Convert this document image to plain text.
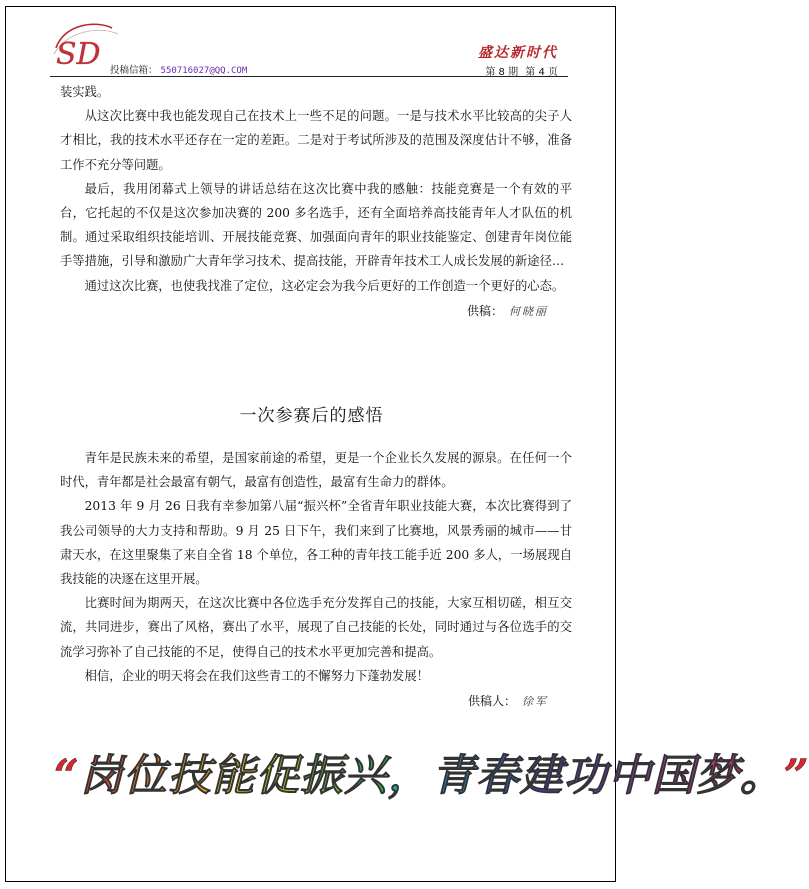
SD 投稿信箱： 550716027@QQ.COM
盛达新时代
第 8 期 第 4 页

装实践。

从这次比赛中我也能发现自己在技术上一些不足的问题。一是与技术水平比较高的尖子人才相比，我的技术水平还存在一定的差距。二是对于考试所涉及的范围及深度估计不够，准备工作不充分等问题。

最后，我用闭幕式上领导的讲话总结在这次比赛中我的感触：技能竞赛是一个有效的平台，它托起的不仅是这次参加决赛的 200 多名选手，还有全面培养高技能青年人才队伍的机制。通过采取组织技能培训、开展技能竞赛、加强面向青年的职业技能鉴定、创建青年岗位能手等措施，引导和激励广大青年学习技术、提高技能，开辟青年技术工人成长发展的新途径…

通过这次比赛，也使我找准了定位，这必定会为我今后更好的工作创造一个更好的心态。

供稿： 何晓丽
一次参赛后的感悟

青年是民族未来的希望，是国家前途的希望，更是一个企业长久发展的源泉。在任何一个时代，青年都是社会最富有朝气，最富有创造性，最富有生命力的群体。

2013 年 9 月 26 日我有幸参加第八届“振兴杯”全省青年职业技能大赛，本次比赛得到了我公司领导的大力支持和帮助。9 月 25 日下午，我们来到了比赛地，风景秀丽的城市——甘肃天水，在这里聚集了来自全省 18 个单位，各工种的青年技工能手近 200 多人，一场展现自我技能的决逐在这里开展。

比赛时间为期两天，在这次比赛中各位选手充分发挥自己的技能，大家互相切磋，相互交流，共同进步，赛出了风格，赛出了水平，展现了自己技能的长处，同时通过与各位选手的交流学习弥补了自己技能的不足，使得自己的技术水平更加完善和提高。

相信，企业的明天将会在我们这些青工的不懈努力下蓬勃发展！

供稿人： 徐军
“岗位技能促振兴，青春建功中国梦。”
